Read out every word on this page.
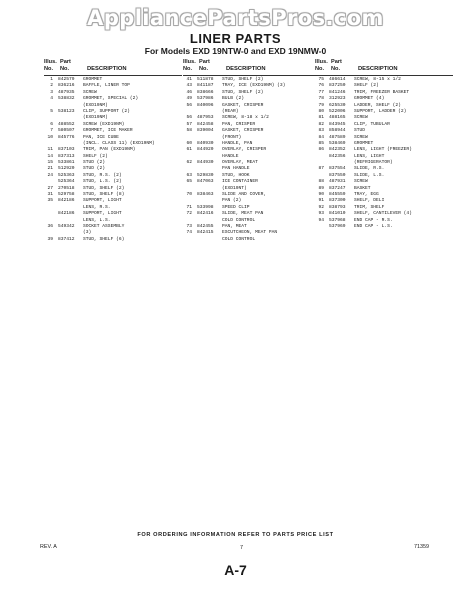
AppliancePartsPros.com
LINER PARTS
For Models EXD 19NTW-0 and EXD 19NMW-0
Illus.
No.
Part
No.	DESCRIPTION
1 842579 GROMMET
2 836216 BAFFLE, LINER TOP
3 487935 SCREW
4 538832 GROMMET, SPECIAL (2)
(EXD19NM)
5 538123 CLIP, SUPPORT (2)
(EXD19NM)
6 488552 SCREW (EXD19NM)
7 580507 GROMMET, ICE MAKER
10 845776 PAN, ICE CUBE
(INCL. CLASS 11) (EXD19NM)
11 837103 TRIM, PAN (EXD19NM)
14 837313 SHELF (2)
15 533861 STUD (2)
21 512920 STUD (2)
24 525363 STUD, R.S. (2)
525364 STUD, L.S. (2)
27 270518 STUD, SHELF (2)
31 529758 STUD, SHELF (8)
35 842186 SUPPORT, LIGHT
LENS, R.S.
842186 SUPPORT, LIGHT
LENS, L.S.
36 549342 SOCKET ASSEMBLY
(3)
39 837412 STUD, SHELF (6)
Illus.
No.
Part
No.	DESCRIPTION
41 511878 STUD, SHELF (2)
43 841187 TRAY, ICE (EXD19NM) (3)
46 838666 STUD, SHELF (2)
49 537986 BULB (2)
56 840096 GASKET, CRISPER
(REAR)
56 487953 SCREW, 8-18 x 1/2
57 842458 PAN, CRISPER
58 839004 GASKET, CRISPER
(FRONT)
60 840930 HANDLE, PAN
61 844920 OVERLAY, CRISPER
HANDLE
62 844930 OVERLAY, MEAT
PAN HANDLE
63 529830 STUD, HOOK
65 847063 ICE CONTAINER
(EXD19NT)
70 838463 SLIDE AND COVER,
PAN (2)
71 533998 SPEED CLIP
72 842416 SLIDE, MEAT PAN
COLD CONTROL
73 842455 PAN, MEAT
74 842415 ESCUTCHEON, MEAT PAN
COLD CONTROL
Illus.
No.
Part
No.	DESCRIPTION
75 486614 SCREW, 8-15 x 1/2
76 837250 SHELF (2)
77 841246 TRIM, FREEZER BASKET
78 312923 GROMMET (4)
79 625530 LADDER, SHELF (2)
80 522006 SUPPORT, LADDER (2)
81 488165 SCREW
82 843945 CLIP, TUBULAR
83 858944 STUD
84 487589 SCREW
85 538469 GROMMET
86 842352 LENS, LIGHT (FREEZER)
842356 LENS, LIGHT
(REFRIGERATOR)
87 837554 SLIDE, R.S.
837550 SLIDE, L.S.
88 487931 SCREW
89 837247 BASKET
90 845559 TRAY, EGG
91 837300 SHELF, DELI
92 838793 TRIM, SHELF
93 841010 SHELF, CANTILEVER (4)
94 537968 END CAP - R.S.
537969 END CAP - L.S.
FOR ORDERING INFORMATION REFER TO PARTS PRICE LIST
REV. A	7	71359
A-7
